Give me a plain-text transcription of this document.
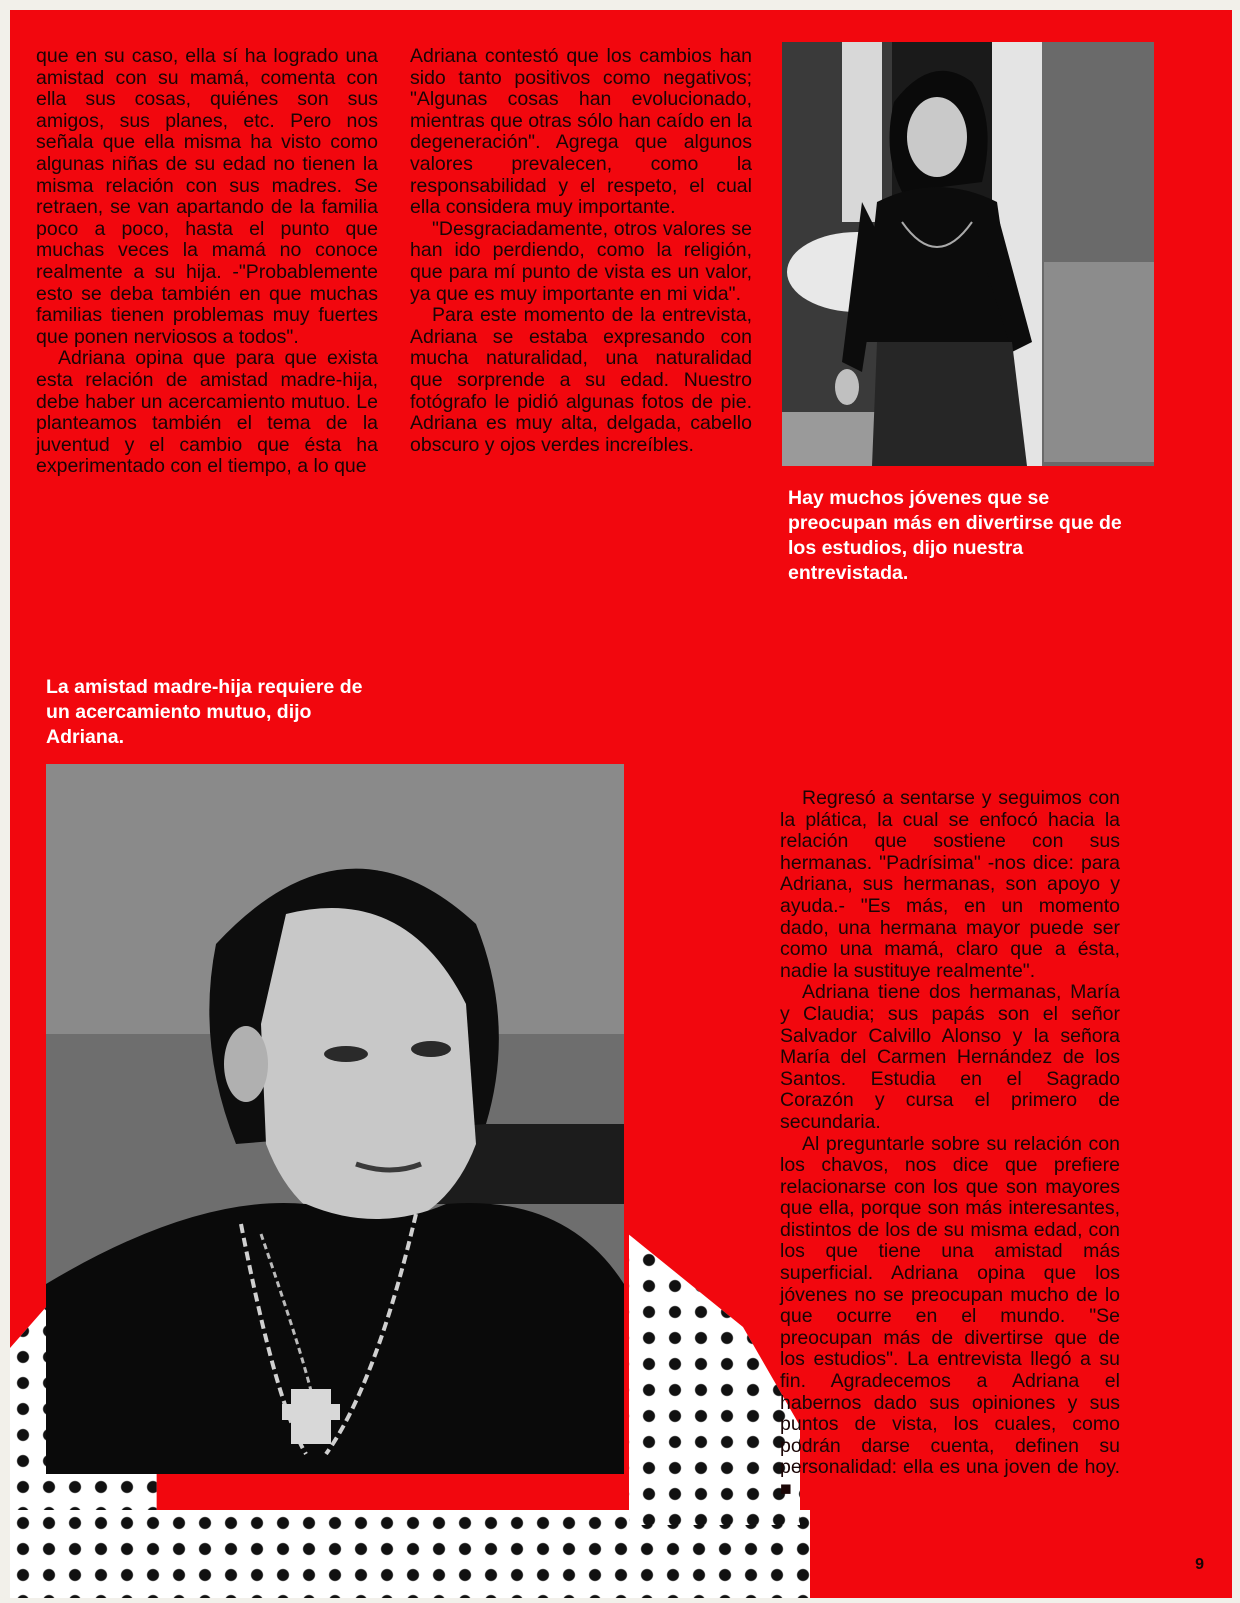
que en su caso, ella sí ha logrado una amistad con su mamá, comenta con ella sus cosas, quiénes son sus amigos, sus planes, etc. Pero nos señala que ella misma ha visto como algunas niñas de su edad no tienen la misma relación con sus madres. Se retraen, se van apartando de la familia poco a poco, hasta el punto que muchas veces la mamá no conoce realmente a su hija. -"Probablemente esto se deba también en que muchas familias tienen problemas muy fuertes que ponen nerviosos a todos".

Adriana opina que para que exista esta relación de amistad madre-hija, debe haber un acercamiento mutuo. Le planteamos también el tema de la juventud y el cambio que ésta ha experimentado con el tiempo, a lo que

Adriana contestó que los cambios han sido tanto positivos como negativos; "Algunas cosas han evolucionado, mientras que otras sólo han caído en la degeneración". Agrega que algunos valores prevalecen, como la responsabilidad y el respeto, el cual ella considera muy importante.

"Desgraciadamente, otros valores se han ido perdiendo, como la religión, que para mí punto de vista es un valor, ya que es muy importante en mi vida".

Para este momento de la entrevista, Adriana se estaba expresando con mucha naturalidad, una naturalidad que sorprende a su edad. Nuestro fotógrafo le pidió algunas fotos de pie. Adriana es muy alta, delgada, cabello obscuro y ojos verdes increíbles.

Hay muchos jóvenes que se preocupan más en divertirse que de los estudios, dijo nuestra entrevistada.
La amistad madre-hija requiere de un acercamiento mutuo, dijo Adriana.

Regresó a sentarse y seguimos con la plática, la cual se enfocó hacia la relación que sostiene con sus hermanas. "Padrísima" -nos dice: para Adriana, sus hermanas, son apoyo y ayuda.- "Es más, en un momento dado, una hermana mayor puede ser como una mamá, claro que a ésta, nadie la sustituye realmente".

Adriana tiene dos hermanas, María y Claudia; sus papás son el señor Salvador Calvillo Alonso y la señora María del Carmen Hernández de los Santos. Estudia en el Sagrado Corazón y cursa el primero de secundaria.

Al preguntarle sobre su relación con los chavos, nos dice que prefiere relacionarse con los que son mayores que ella, porque son más interesantes, distintos de los de su misma edad, con los que tiene una amistad más superficial. Adriana opina que los jóvenes no se preocupan mucho de lo que ocurre en el mundo. "Se preocupan más de divertirse que de los estudios". La entrevista llegó a su fin. Agradecemos a Adriana el habernos dado sus opiniones y sus puntos de vista, los cuales, como podrán darse cuenta, definen su personalidad: ella es una joven de hoy. ■

9
